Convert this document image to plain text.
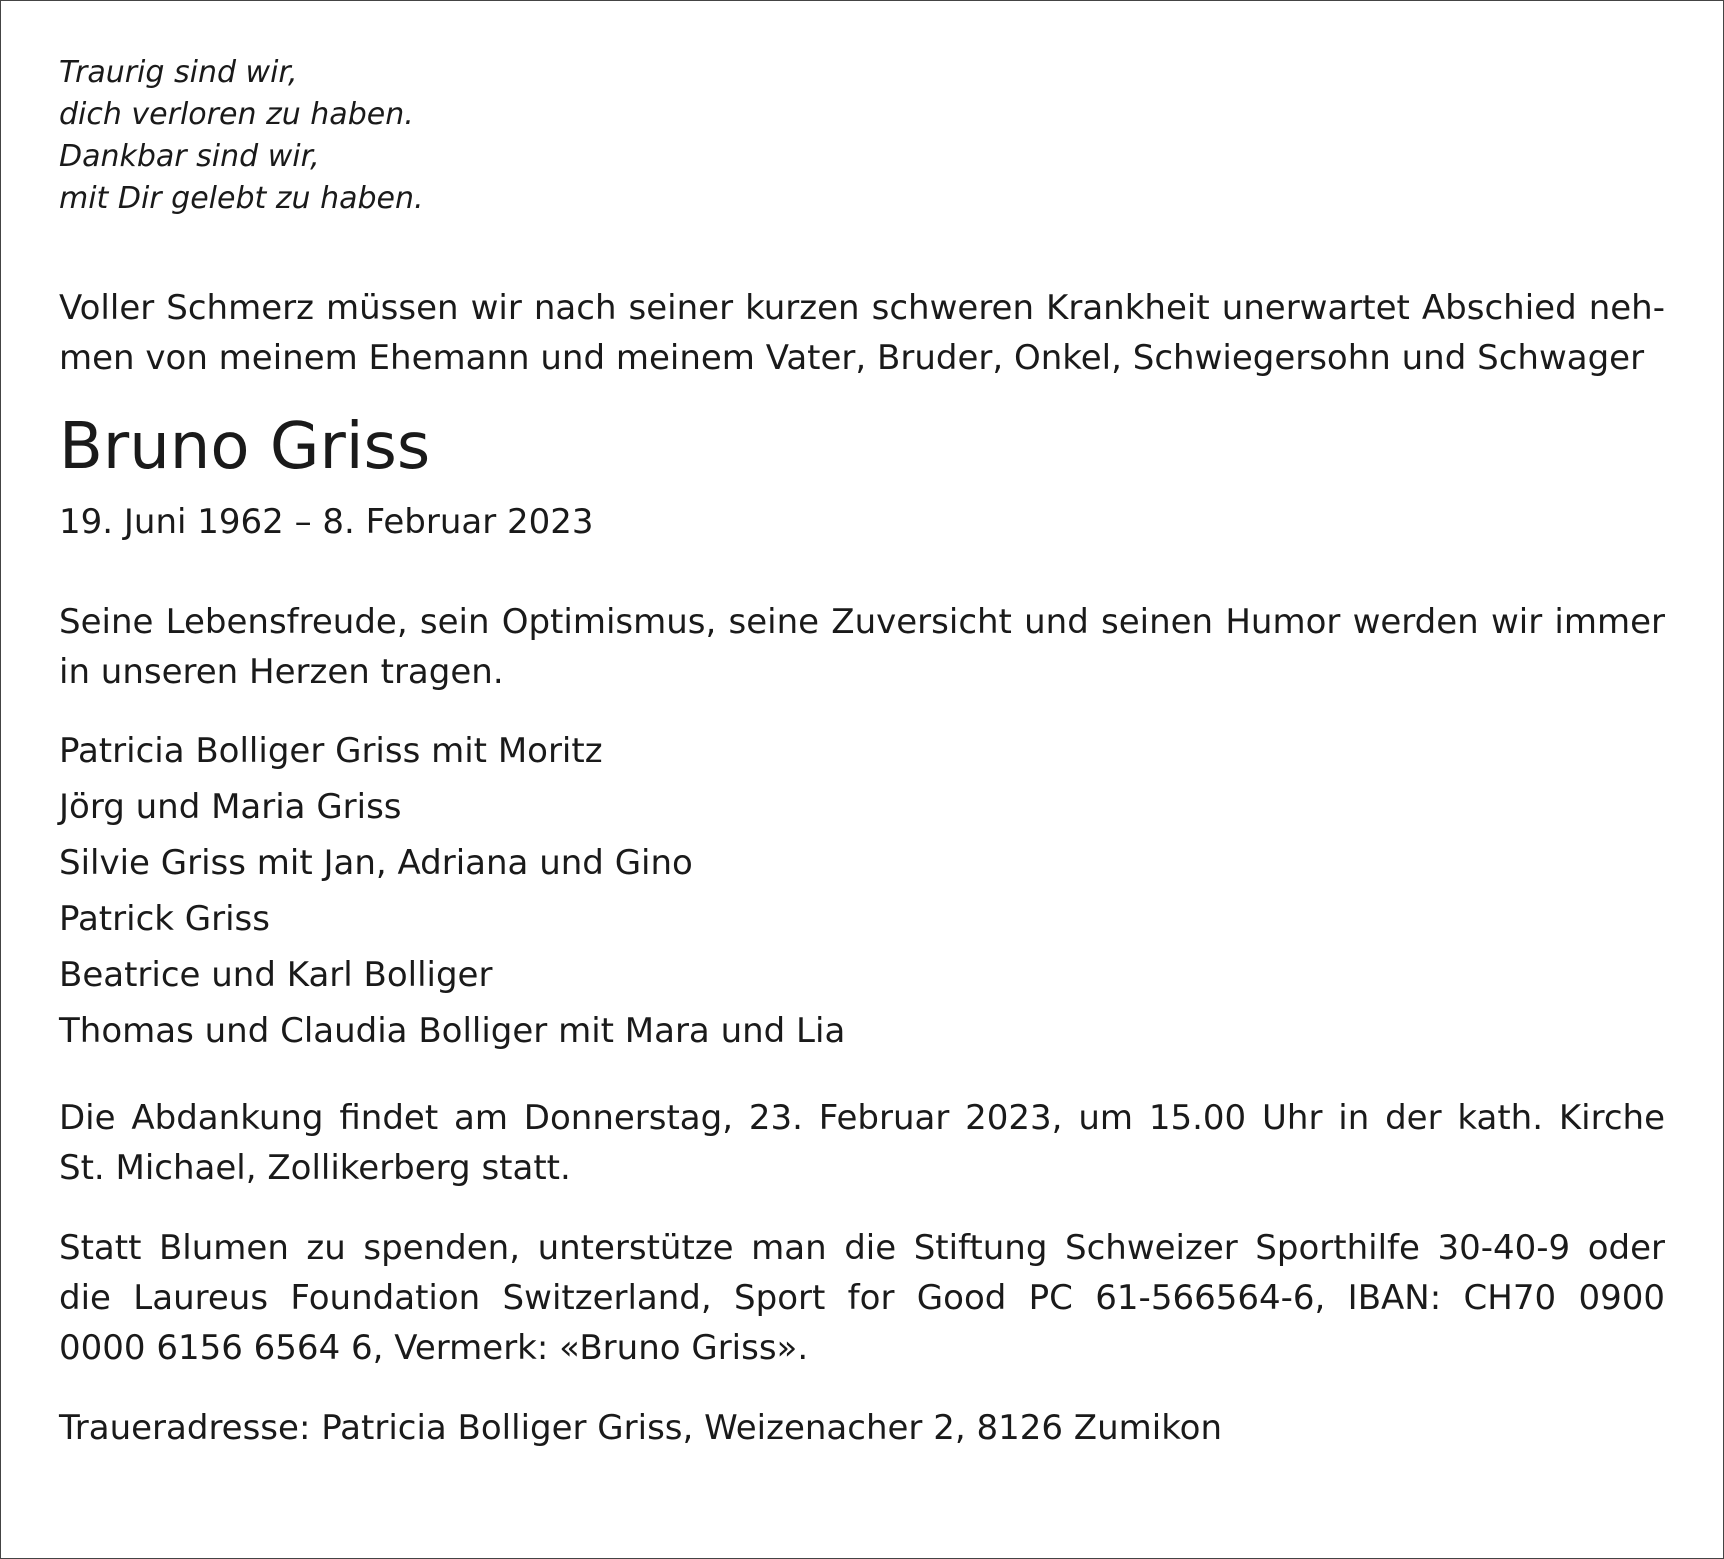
Traurig sind wir,
dich verloren zu haben.
Dankbar sind wir,
mit Dir gelebt zu haben.
Voller Schmerz müssen wir nach seiner kurzen schweren Krankheit unerwartet Abschied neh-
men von meinem Ehemann und meinem Vater, Bruder, Onkel, Schwiegersohn und Schwager
Bruno Griss
19. Juni 1962 – 8. Februar 2023
Seine Lebensfreude, sein Optimismus, seine Zuversicht und seinen Humor werden wir immer
in unseren Herzen tragen.
Patricia Bolliger Griss mit Moritz
Jörg und Maria Griss
Silvie Griss mit Jan, Adriana und Gino
Patrick Griss
Beatrice und Karl Bolliger
Thomas und Claudia Bolliger mit Mara und Lia
Die Abdankung findet am Donnerstag, 23. Februar 2023, um 15.00 Uhr in der kath. Kirche
St. Michael, Zollikerberg statt.
Statt Blumen zu spenden, unterstütze man die Stiftung Schweizer Sporthilfe 30-40-9 oder
die Laureus Foundation Switzerland, Sport for Good PC 61-566564-6, IBAN: CH70 0900
0000 6156 6564 6, Vermerk: «Bruno Griss».
Traueradresse: Patricia Bolliger Griss, Weizenacher 2, 8126 Zumikon
